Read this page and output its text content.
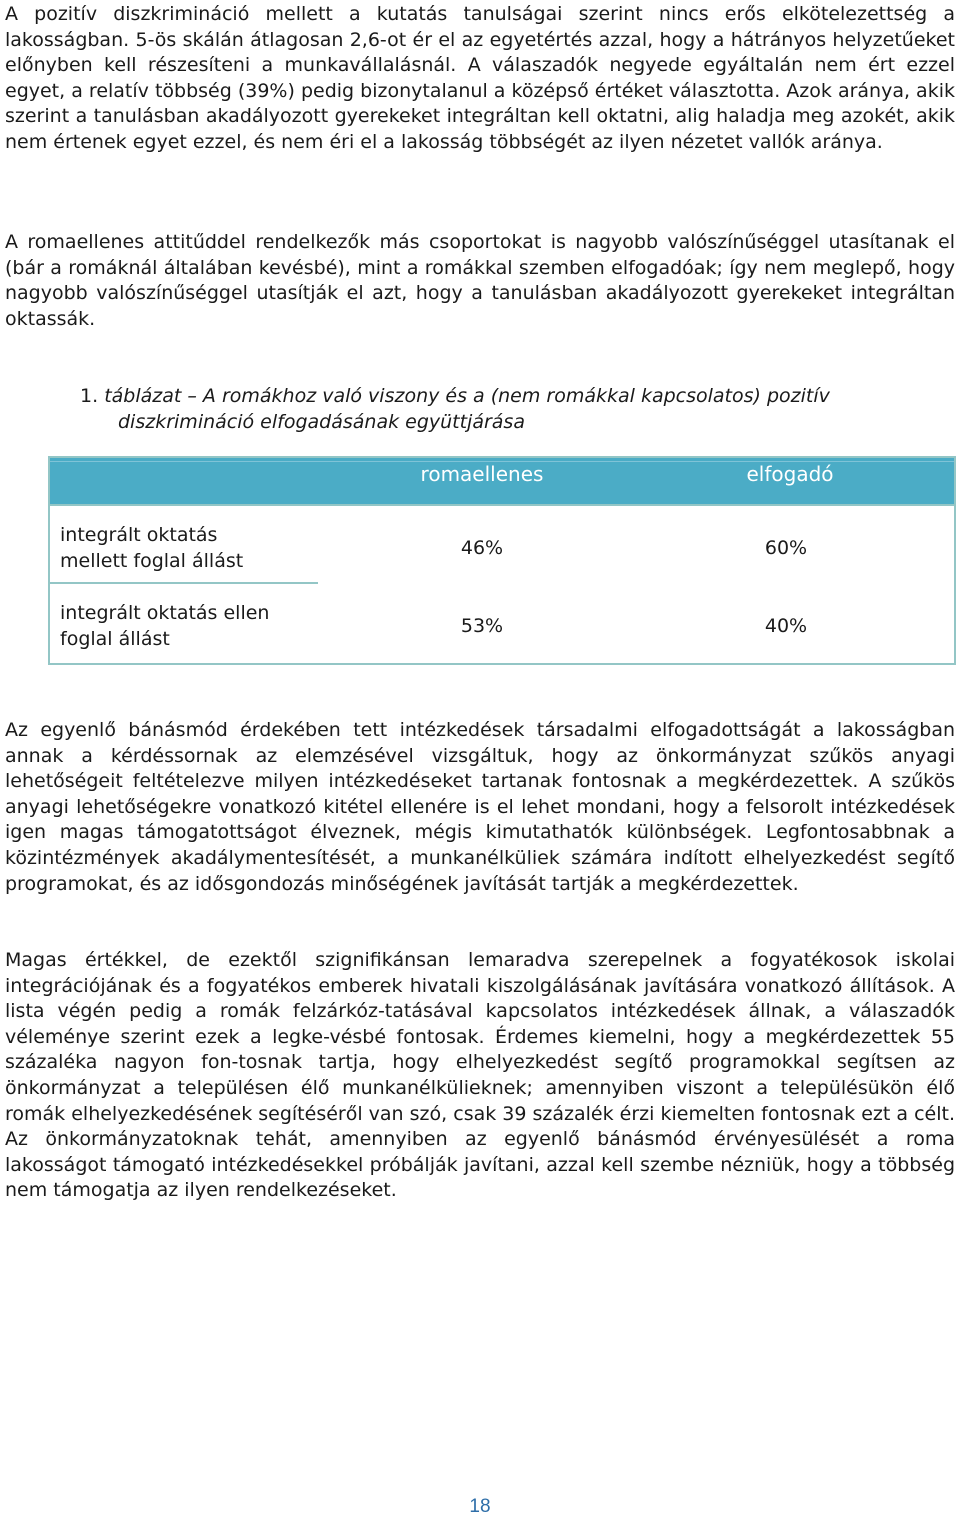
A pozitív diszkrimináció mellett a kutatás tanulságai szerint nincs erős elkötelezettség a lakosságban. 5-ös skálán átlagosan 2,6-ot ér el az egyetértés azzal, hogy a hátrányos helyzetűeket előnyben kell részesíteni a munkavállalásnál. A válaszadók negyede egyáltalán nem ért ezzel egyet, a relatív többség (39%) pedig bizonytalanul a középső értéket választotta. Azok aránya, akik szerint a tanulásban akadályozott gyerekeket integráltan kell oktatni, alig haladja meg azokét, akik nem értenek egyet ezzel, és nem éri el a lakosság többségét az ilyen nézetet vallók aránya.

A romaellenes attitűddel rendelkezők más csoportokat is nagyobb valószínűséggel utasítanak el (bár a romáknál általában kevésbé), mint a romákkal szemben elfogadóak; így nem meglepő, hogy nagyobb valószínűséggel utasítják el azt, hogy a tanulásban akadályozott gyerekeket integráltan oktassák.

1. táblázat – A romákhoz való viszony és a (nem romákkal kapcsolatos) pozitív
diszkrimináció elfogadásának együttjárása
romaellenes	elfogadó
integrált oktatás
mellett foglal állást
46%	60%
integrált oktatás ellen
foglal állást
53%	40%

Az egyenlő bánásmód érdekében tett intézkedések társadalmi elfogadottságát a lakosságban annak a kérdéssornak az elemzésével vizsgáltuk, hogy az önkormányzat szűkös anyagi lehetőségeit feltételezve milyen intézkedéseket tartanak fontosnak a megkérdezettek. A szűkös anyagi lehetőségekre vonatkozó kitétel ellenére is el lehet mondani, hogy a felsorolt intézkedések igen magas támogatottságot élveznek, mégis kimutathatók különbségek. Legfontosabbnak a közintézmények akadálymentesítését, a munkanélküliek számára indított elhelyezkedést segítő programokat, és az idősgondozás minőségének javítását tartják a megkérdezettek.

Magas értékkel, de ezektől szignifikánsan lemaradva szerepelnek a fogyatékosok iskolai integrációjának és a fogyatékos emberek hivatali kiszolgálásának javítására vonatkozó állítások. A lista végén pedig a romák felzárkóz-tatásával kapcsolatos intézkedések állnak, a válaszadók véleménye szerint ezek a legke-vésbé fontosak. Érdemes kiemelni, hogy a megkérdezettek 55 százaléka nagyon fon-tosnak tartja, hogy elhelyezkedést segítő programokkal segítsen az önkormányzat a településen élő munkanélkülieknek; amennyiben viszont a településükön élő romák elhelyezkedésének segítéséről van szó, csak 39 százalék érzi kiemelten fontosnak ezt a célt. Az önkormányzatoknak tehát, amennyiben az egyenlő bánásmód érvényesülését a roma lakosságot támogató intézkedésekkel próbálják javítani, azzal kell szembe nézniük, hogy a többség nem támogatja az ilyen rendelkezéseket.

18
